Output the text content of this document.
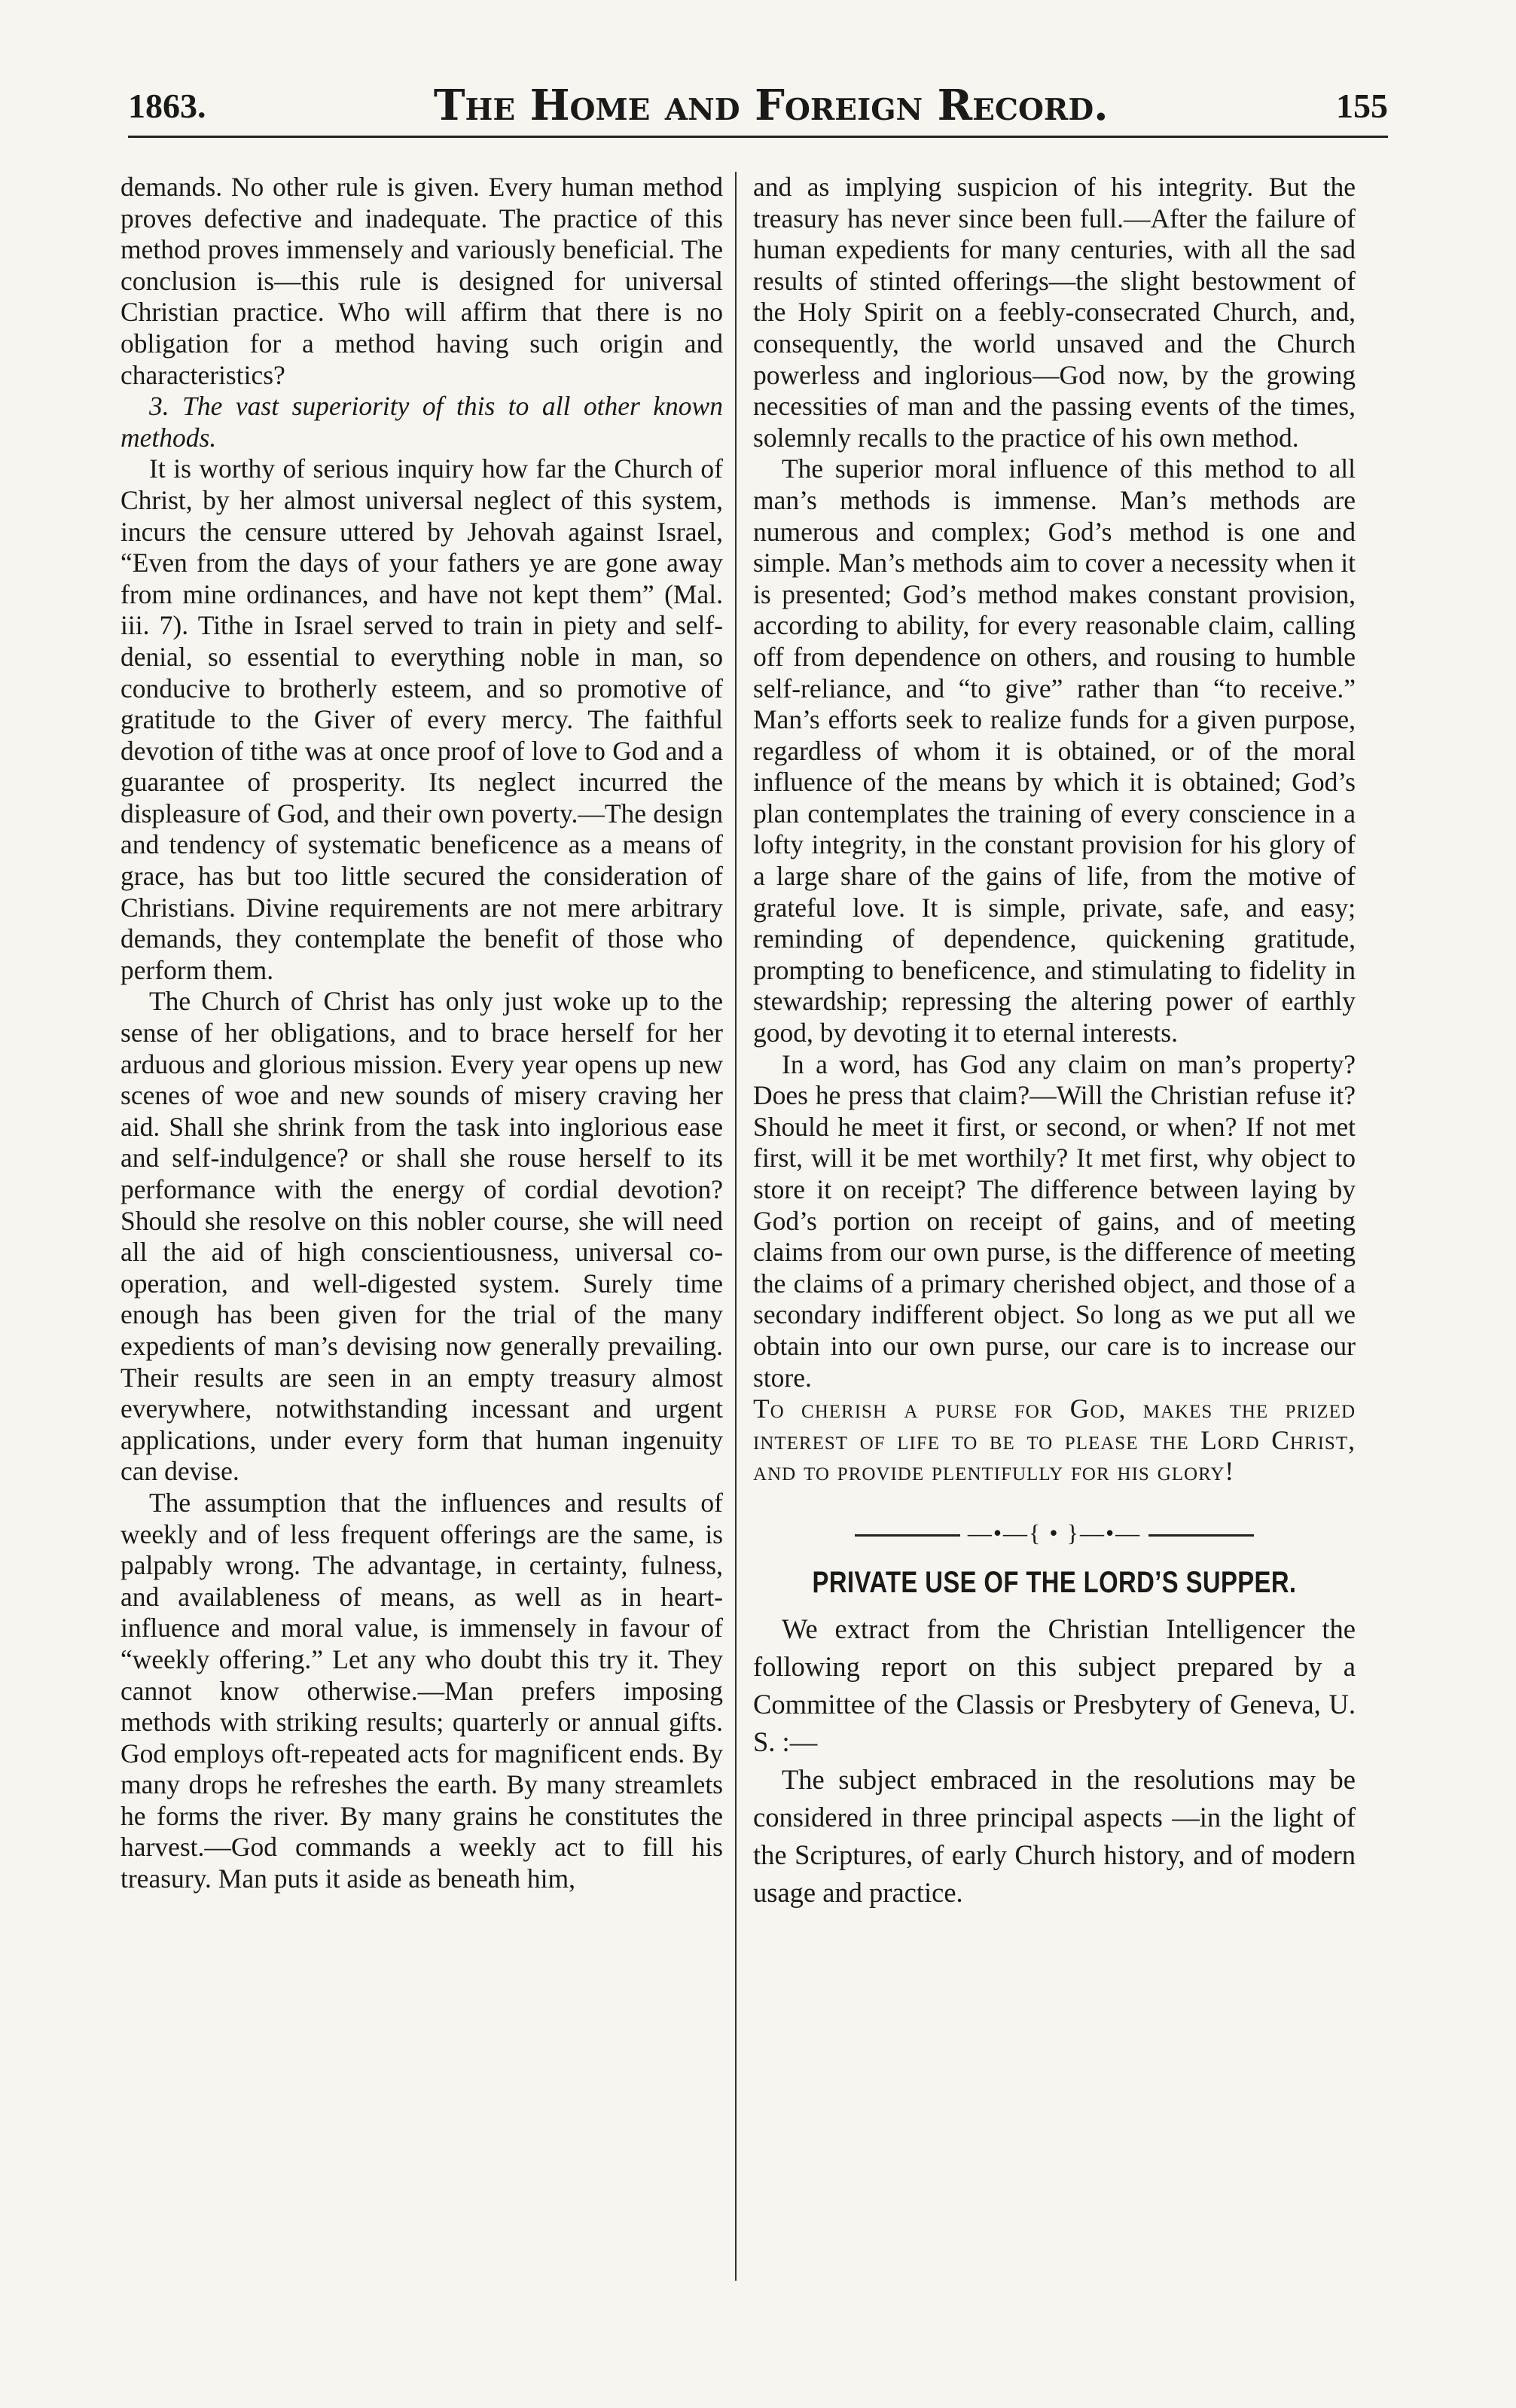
1863.	The Home and Foreign Record.	155

demands. No other rule is given. Every human method proves defective and inadequate. The practice of this method proves immensely and variously beneficial. The conclusion is—this rule is designed for universal Christian practice. Who will affirm that there is no obligation for a method having such origin and characteristics?

3. The vast superiority of this to all other known methods.

It is worthy of serious inquiry how far the Church of Christ, by her almost universal neglect of this system, incurs the censure uttered by Jehovah against Israel, “Even from the days of your fathers ye are gone away from mine ordinances, and have not kept them” (Mal. iii. 7). Tithe in Israel served to train in piety and self-denial, so essential to everything noble in man, so conducive to brotherly esteem, and so promotive of gratitude to the Giver of every mercy. The faithful devotion of tithe was at once proof of love to God and a guarantee of prosperity. Its neglect incurred the displeasure of God, and their own poverty.—The design and tendency of systematic beneficence as a means of grace, has but too little secured the consideration of Christians. Divine requirements are not mere arbitrary demands, they contemplate the benefit of those who perform them.

The Church of Christ has only just woke up to the sense of her obligations, and to brace herself for her arduous and glorious mission. Every year opens up new scenes of woe and new sounds of misery craving her aid. Shall she shrink from the task into inglorious ease and self-indulgence? or shall she rouse herself to its performance with the energy of cordial devotion? Should she resolve on this nobler course, she will need all the aid of high conscientiousness, universal co-operation, and well-digested system. Surely time enough has been given for the trial of the many expedients of man’s devising now generally prevailing. Their results are seen in an empty treasury almost everywhere, notwithstanding incessant and urgent applications, under every form that human ingenuity can devise.

The assumption that the influences and results of weekly and of less frequent offerings are the same, is palpably wrong. The advantage, in certainty, fulness, and availableness of means, as well as in heart-influence and moral value, is immensely in favour of “weekly offering.” Let any who doubt this try it. They cannot know otherwise.—Man prefers imposing methods with striking results; quarterly or annual gifts. God employs oft-repeated acts for magnificent ends. By many drops he refreshes the earth. By many streamlets he forms the river. By many grains he constitutes the harvest.—God commands a weekly act to fill his treasury. Man puts it aside as beneath him,

and as implying suspicion of his integrity. But the treasury has never since been full.—After the failure of human expedients for many centuries, with all the sad results of stinted offerings—the slight bestowment of the Holy Spirit on a feebly-consecrated Church, and, consequently, the world unsaved and the Church powerless and inglorious—God now, by the growing necessities of man and the passing events of the times, solemnly recalls to the practice of his own method.

The superior moral influence of this method to all man’s methods is immense. Man’s methods are numerous and complex; God’s method is one and simple. Man’s methods aim to cover a necessity when it is presented; God’s method makes constant provision, according to ability, for every reasonable claim, calling off from dependence on others, and rousing to humble self-reliance, and “to give” rather than “to receive.” Man’s efforts seek to realize funds for a given purpose, regardless of whom it is obtained, or of the moral influence of the means by which it is obtained; God’s plan contemplates the training of every conscience in a lofty integrity, in the constant provision for his glory of a large share of the gains of life, from the motive of grateful love. It is simple, private, safe, and easy; reminding of dependence, quickening gratitude, prompting to beneficence, and stimulating to fidelity in stewardship; repressing the altering power of earthly good, by devoting it to eternal interests.

In a word, has God any claim on man’s property? Does he press that claim?—Will the Christian refuse it? Should he meet it first, or second, or when? If not met first, will it be met worthily? It met first, why object to store it on receipt? The difference between laying by God’s portion on receipt of gains, and of meeting claims from our own purse, is the difference of meeting the claims of a primary cherished object, and those of a secondary indifferent object. So long as we put all we obtain into our own purse, our care is to increase our store.

To cherish a purse for God, makes the prized interest of life to be to please the Lord Christ, and to provide plentifully for his glory!

—•—{ • }—•—
PRIVATE USE OF THE LORD’S SUPPER.

We extract from the Christian Intelligencer the following report on this subject prepared by a Committee of the Classis or Presbytery of Geneva, U. S. :—

The subject embraced in the resolutions may be considered in three principal aspects —in the light of the Scriptures, of early Church history, and of modern usage and practice.
